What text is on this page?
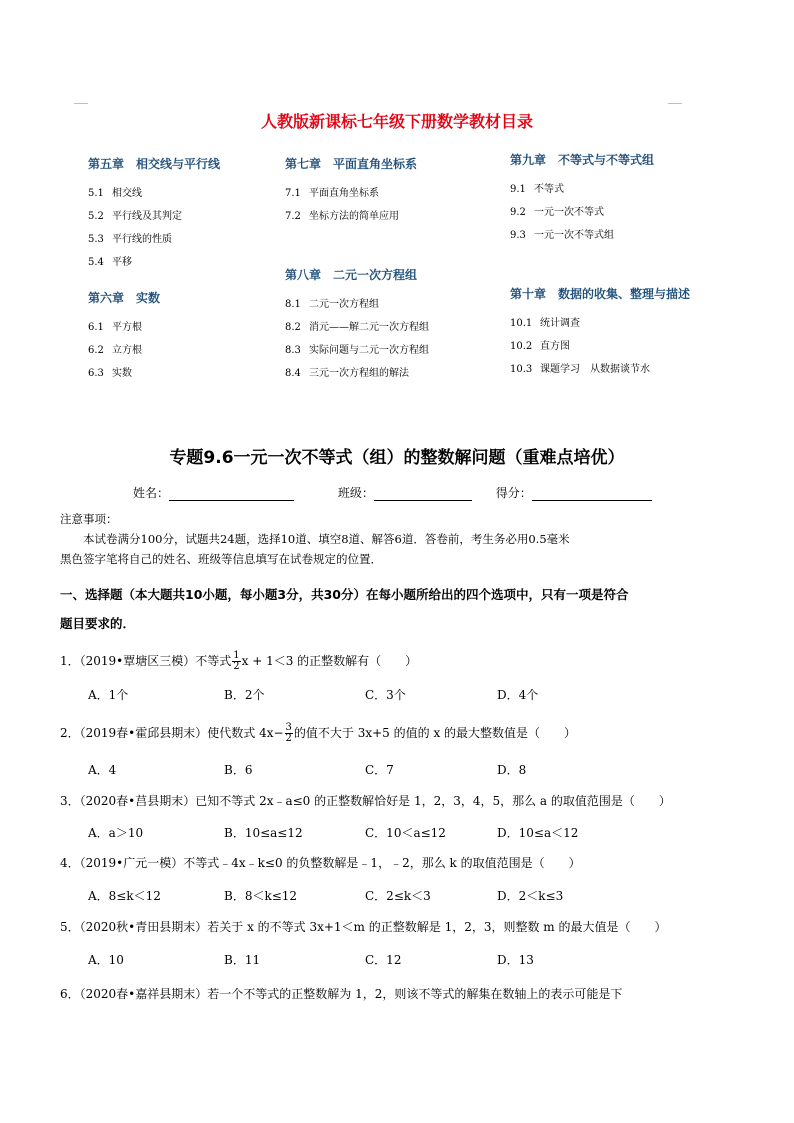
人教版新课标七年级下册数学教材目录
第五章　相交线与平行线
5.1 相交线
5.2 平行线及其判定
5.3 平行线的性质
5.4 平移
第六章　实数
6.1 平方根
6.2 立方根
6.3 实数
第七章　平面直角坐标系
7.1 平面直角坐标系
7.2 坐标方法的简单应用
第八章　二元一次方程组
8.1 二元一次方程组
8.2 消元——解二元一次方程组
8.3 实际问题与二元一次方程组
8.4 三元一次方程组的解法
第九章　不等式与不等式组
9.1 不等式
9.2 一元一次不等式
9.3 一元一次不等式组
第十章　数据的收集、整理与描述
10.1 统计调查
10.2 直方图
10.3 课题学习　从数据谈节水
专题9.6一元一次不等式（组）的整数解问题（重难点培优）
姓名：	班级：	得分：
注意事项：
本试卷满分100分，试题共24题，选择10道、填空8道、解答6道．答卷前，考生务必用0.5毫米
黑色签字笔将自己的姓名、班级等信息填写在试卷规定的位置．
一、选择题（本大题共10小题，每小题3分，共30分）在每小题所给出的四个选项中，只有一项是符合
题目要求的．
1．（2019•覃塘区三模）不等式 $\frac{1}{2}$ x + 1＜3 的正整数解有（　　）
A．1个	B．2个	C．3个	D．4个
2．（2019春•霍邱县期末）使代数式 $4x- \frac{3}{2}$ 的值不大于 3x+5 的值的 x 的最大整数值是（　　）
A．4	B．6	C．7	D．8
3．（2020春•莒县期末）已知不等式 2x﹣a≤0 的正整数解恰好是 1，2，3，4，5，那么 a 的取值范围是（　　）
A．a＞10	B．10≤a≤12	C．10＜a≤12	D．10≤a＜12
4．（2019•广元一模）不等式﹣4x﹣k≤0 的负整数解是﹣1，﹣2，那么 k 的取值范围是（　　）
A．8≤k＜12	B．8＜k≤12	C．2≤k＜3	D．2＜k≤3
5．（2020秋•青田县期末）若关于 x 的不等式 3x+1＜m 的正整数解是 1，2，3，则整数 m 的最大值是（　　）
A．10	B．11	C．12	D．13
6．（2020春•嘉祥县期末）若一个不等式的正整数解为 1，2，则该不等式的解集在数轴上的表示可能是下
